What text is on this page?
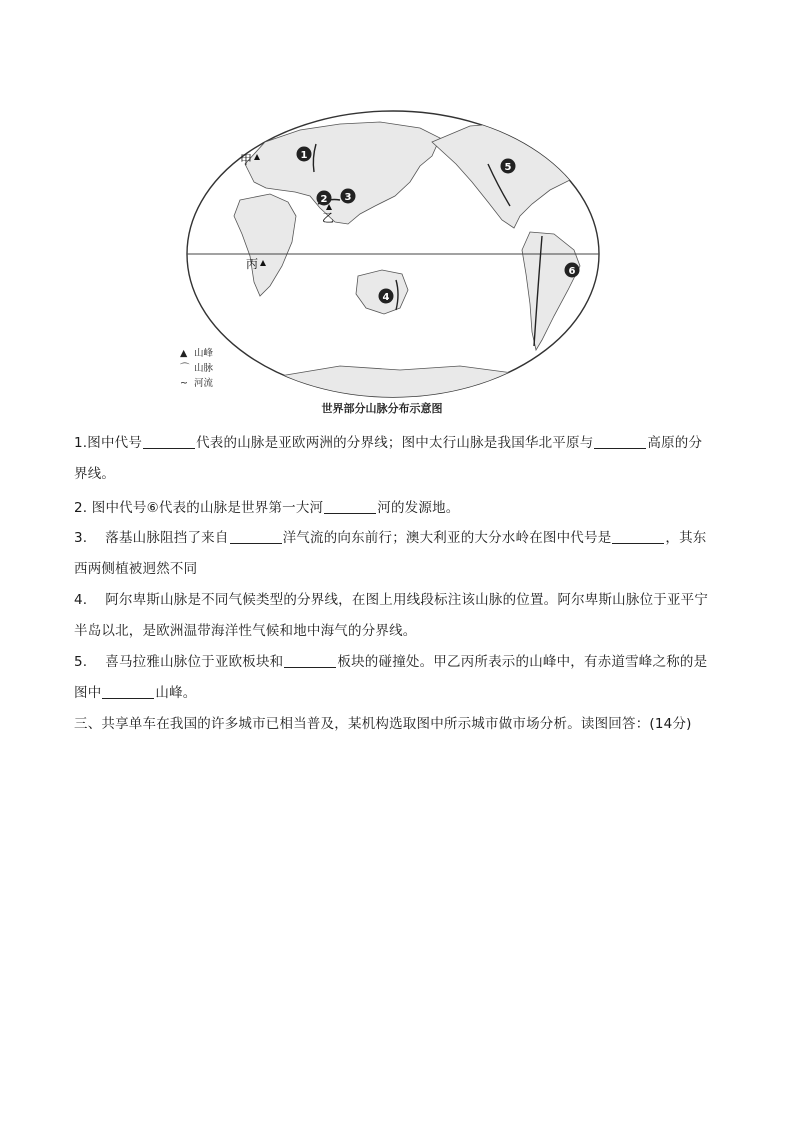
1
2 3
4
5
6
甲
乙
丙
▲ 山峰
⌒ 山脉
~ 河流
世界部分山脉分布示意图
1.图中代号	代表的山脉是亚欧两洲的分界线；图中太行山脉是我国华北平原与	高原的分
界线。
2. 图中代号⑥代表的山脉是世界第一大河	河的发源地。
3. 落基山脉阻挡了来自	洋气流的向东前行；澳大利亚的大分水岭在图中代号是	，其东
西两侧植被迥然不同
4. 阿尔卑斯山脉是不同气候类型的分界线，在图上用线段标注该山脉的位置。阿尔卑斯山脉位于亚平宁
半岛以北，是欧洲温带海洋性气候和地中海气的分界线。
5. 喜马拉雅山脉位于亚欧板块和	板块的碰撞处。甲乙丙所表示的山峰中，有赤道雪峰之称的是
图中	山峰。
三、共享单车在我国的许多城市已相当普及，某机构选取图中所示城市做市场分析。读图回答：(14分)
